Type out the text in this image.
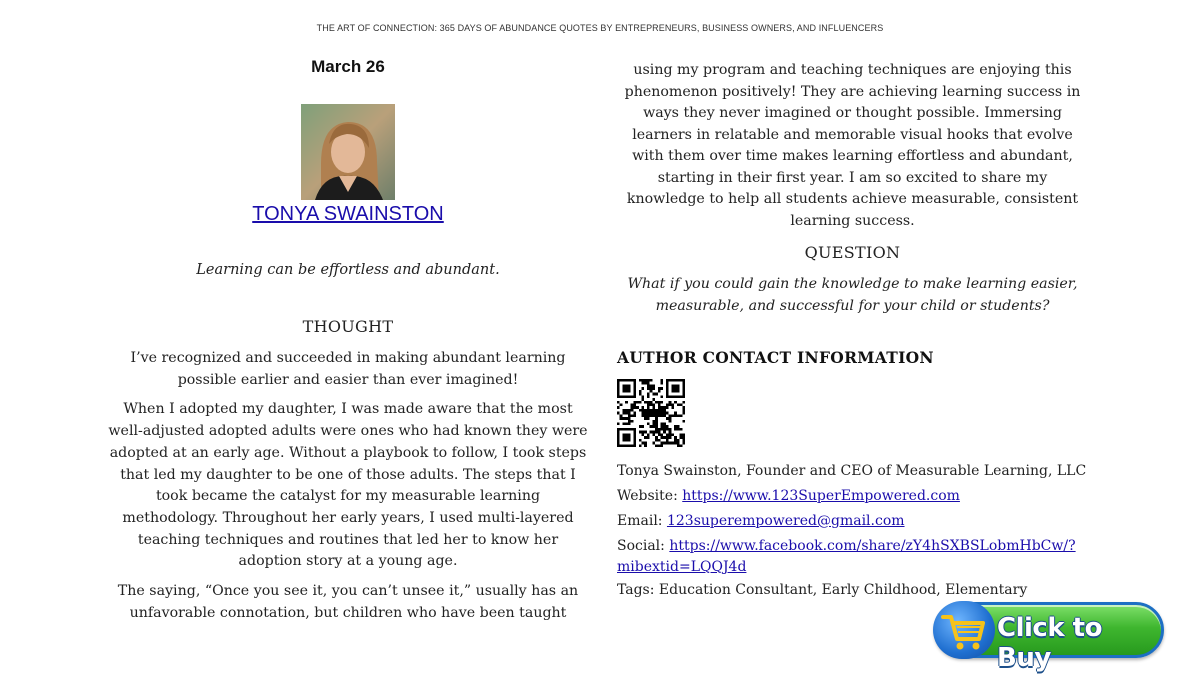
THE ART OF CONNECTION: 365 DAYS OF ABUNDANCE QUOTES BY ENTREPRENEURS, BUSINESS OWNERS, AND INFLUENCERS
March 26
TONYA SWAINSTON
Learning can be effortless and abundant.
THOUGHT

I’ve recognized and succeeded in making abundant learning possible earlier and easier than ever imagined!

When I adopted my daughter, I was made aware that the most well-adjusted adopted adults were ones who had known they were adopted at an early age. Without a playbook to follow, I took steps that led my daughter to be one of those adults. The steps that I took became the catalyst for my measurable learning methodology. Throughout her early years, I used multi-layered teaching techniques and routines that led her to know her adoption story at a young age.

The saying, “Once you see it, you can’t unsee it,” usually has an unfavorable connotation, but children who have been taught

using my program and teaching techniques are enjoying this phenomenon positively! They are achieving learning success in ways they never imagined or thought possible. Immersing learners in relatable and memorable visual hooks that evolve with them over time makes learning effortless and abundant, starting in their first year. I am so excited to share my knowledge to help all students achieve measurable, consistent learning success.

QUESTION
What if you could gain the knowledge to make learning easier, measurable, and successful for your child or students?
AUTHOR CONTACT INFORMATION
Tonya Swainston, Founder and CEO of Measurable Learning, LLC
Website: https://www.123SuperEmpowered.com
Email: 123superempowered@gmail.com
Social: https://www.facebook.com/share/zY4hSXBSLobmHbCw/?
mibextid=LQQJ4d
Tags: Education Consultant, Early Childhood, Elementary
Click to Buy
